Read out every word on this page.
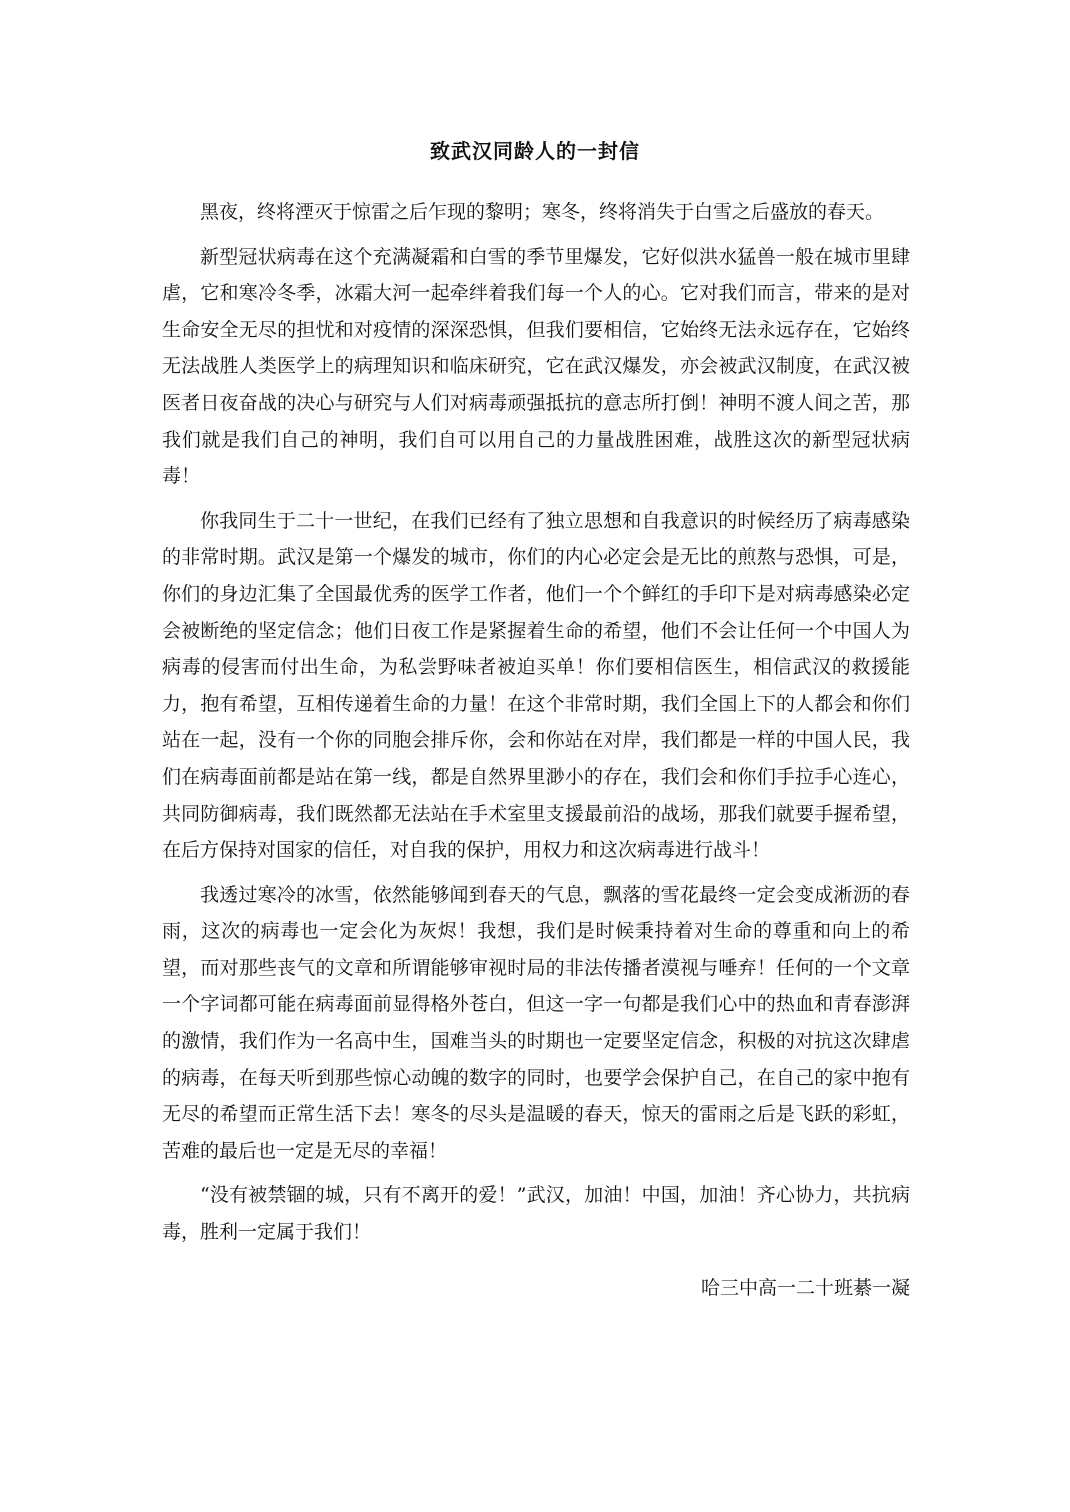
致武汉同龄人的一封信

黑夜，终将湮灭于惊雷之后乍现的黎明；寒冬，终将消失于白雪之后盛放的春天。

新型冠状病毒在这个充满凝霜和白雪的季节里爆发，它好似洪水猛兽一般在城市里肆虐，它和寒冷冬季，冰霜大河一起牵绊着我们每一个人的心。它对我们而言，带来的是对生命安全无尽的担忧和对疫情的深深恐惧，但我们要相信，它始终无法永远存在，它始终无法战胜人类医学上的病理知识和临床研究，它在武汉爆发，亦会被武汉制度，在武汉被医者日夜奋战的决心与研究与人们对病毒顽强抵抗的意志所打倒！神明不渡人间之苦，那我们就是我们自己的神明，我们自可以用自己的力量战胜困难，战胜这次的新型冠状病毒！

你我同生于二十一世纪，在我们已经有了独立思想和自我意识的时候经历了病毒感染的非常时期。武汉是第一个爆发的城市，你们的内心必定会是无比的煎熬与恐惧，可是，你们的身边汇集了全国最优秀的医学工作者，他们一个个鲜红的手印下是对病毒感染必定会被断绝的坚定信念；他们日夜工作是紧握着生命的希望，他们不会让任何一个中国人为病毒的侵害而付出生命，为私尝野味者被迫买单！你们要相信医生，相信武汉的救援能力，抱有希望，互相传递着生命的力量！在这个非常时期，我们全国上下的人都会和你们站在一起，没有一个你的同胞会排斥你，会和你站在对岸，我们都是一样的中国人民，我们在病毒面前都是站在第一线，都是自然界里渺小的存在，我们会和你们手拉手心连心，共同防御病毒，我们既然都无法站在手术室里支援最前沿的战场，那我们就要手握希望，在后方保持对国家的信任，对自我的保护，用权力和这次病毒进行战斗！

我透过寒冷的冰雪，依然能够闻到春天的气息，飘落的雪花最终一定会变成淅沥的春雨，这次的病毒也一定会化为灰烬！我想，我们是时候秉持着对生命的尊重和向上的希望，而对那些丧气的文章和所谓能够审视时局的非法传播者漠视与唾弃！任何的一个文章一个字词都可能在病毒面前显得格外苍白，但这一字一句都是我们心中的热血和青春澎湃的激情，我们作为一名高中生，国难当头的时期也一定要坚定信念，积极的对抗这次肆虐的病毒，在每天听到那些惊心动魄的数字的同时，也要学会保护自己，在自己的家中抱有无尽的希望而正常生活下去！寒冬的尽头是温暖的春天，惊天的雷雨之后是飞跃的彩虹，苦难的最后也一定是无尽的幸福！

“没有被禁锢的城，只有不离开的爱！”武汉，加油！中国，加油！齐心协力，共抗病毒，胜利一定属于我们！

哈三中高一二十班綦一凝
